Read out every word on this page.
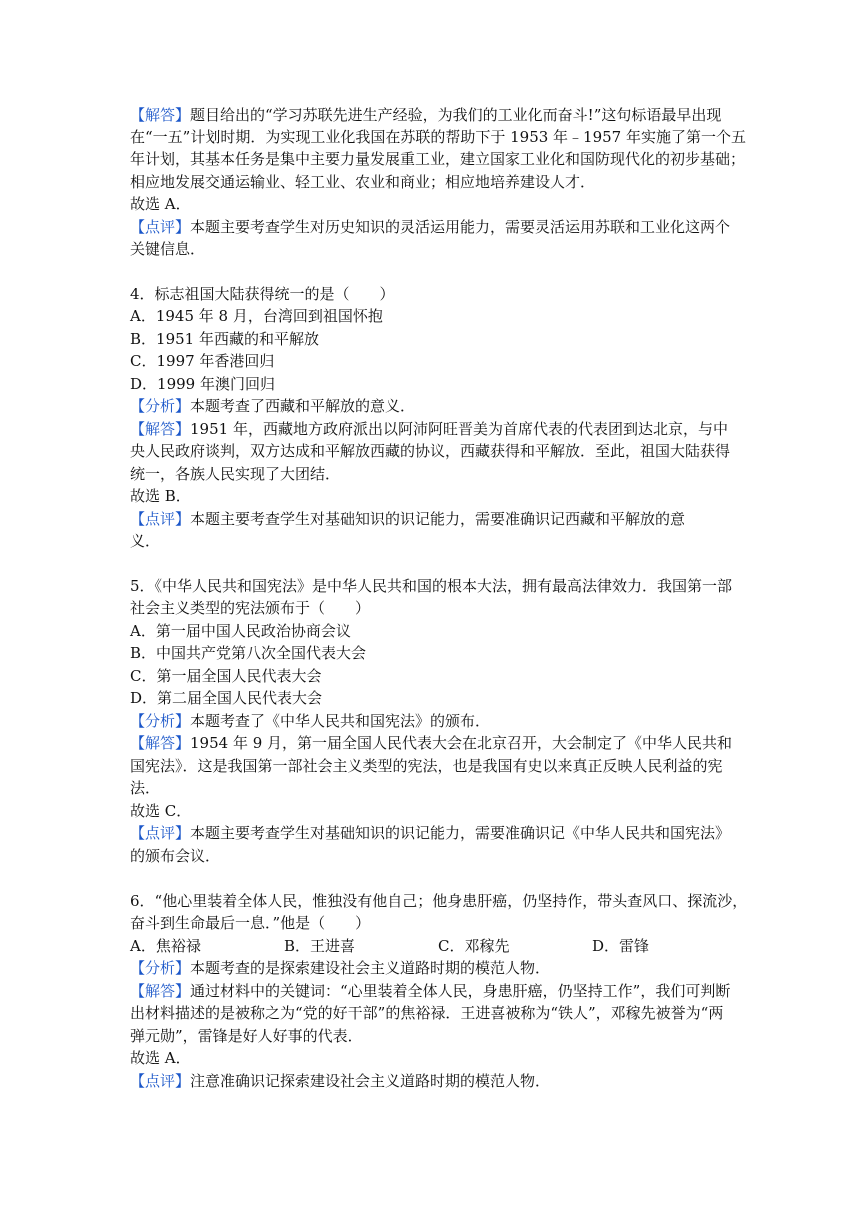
【解答】题目给出的“学习苏联先进生产经验，为我们的工业化而奋斗!”这句标语最早出现
在“一五”计划时期．为实现工业化我国在苏联的帮助下于 1953 年﹣1957 年实施了第一个五
年计划，其基本任务是集中主要力量发展重工业，建立国家工业化和国防现代化的初步基础；
相应地发展交通运输业、轻工业、农业和商业；相应地培养建设人才．
故选 A．
【点评】本题主要考查学生对历史知识的灵活运用能力，需要灵活运用苏联和工业化这两个
关键信息．
4．标志祖国大陆获得统一的是（　　）
A．1945 年 8 月，台湾回到祖国怀抱
B．1951 年西藏的和平解放
C．1997 年香港回归
D．1999 年澳门回归
【分析】本题考查了西藏和平解放的意义．
【解答】1951 年，西藏地方政府派出以阿沛阿旺晋美为首席代表的代表团到达北京，与中
央人民政府谈判，双方达成和平解放西藏的协议，西藏获得和平解放．至此，祖国大陆获得
统一，各族人民实现了大团结．
故选 B．
【点评】本题主要考查学生对基础知识的识记能力，需要准确识记西藏和平解放的意
义．
5．《中华人民共和国宪法》是中华人民共和国的根本大法，拥有最高法律效力．我国第一部
社会主义类型的宪法颁布于（　　）
A．第一届中国人民政治协商会议
B．中国共产党第八次全国代表大会
C．第一届全国人民代表大会
D．第二届全国人民代表大会
【分析】本题考查了《中华人民共和国宪法》的颁布．
【解答】1954 年 9 月，第一届全国人民代表大会在北京召开，大会制定了《中华人民共和
国宪法》．这是我国第一部社会主义类型的宪法，也是我国有史以来真正反映人民利益的宪
法．
故选 C．
【点评】本题主要考查学生对基础知识的识记能力，需要准确识记《中华人民共和国宪法》
的颁布会议．
6．“他心里装着全体人民，惟独没有他自己；他身患肝癌，仍坚持作，带头查风口、探流沙，
奋斗到生命最后一息．”他是（　　）
A．焦裕禄	B．王进喜	C．邓稼先	D．雷锋
【分析】本题考查的是探索建设社会主义道路时期的模范人物．
【解答】通过材料中的关键词：“心里装着全体人民，身患肝癌，仍坚持工作”，我们可判断
出材料描述的是被称之为“党的好干部”的焦裕禄．王进喜被称为“铁人”，邓稼先被誉为“两
弹元勋”，雷锋是好人好事的代表．
故选 A．
【点评】注意准确识记探索建设社会主义道路时期的模范人物．
